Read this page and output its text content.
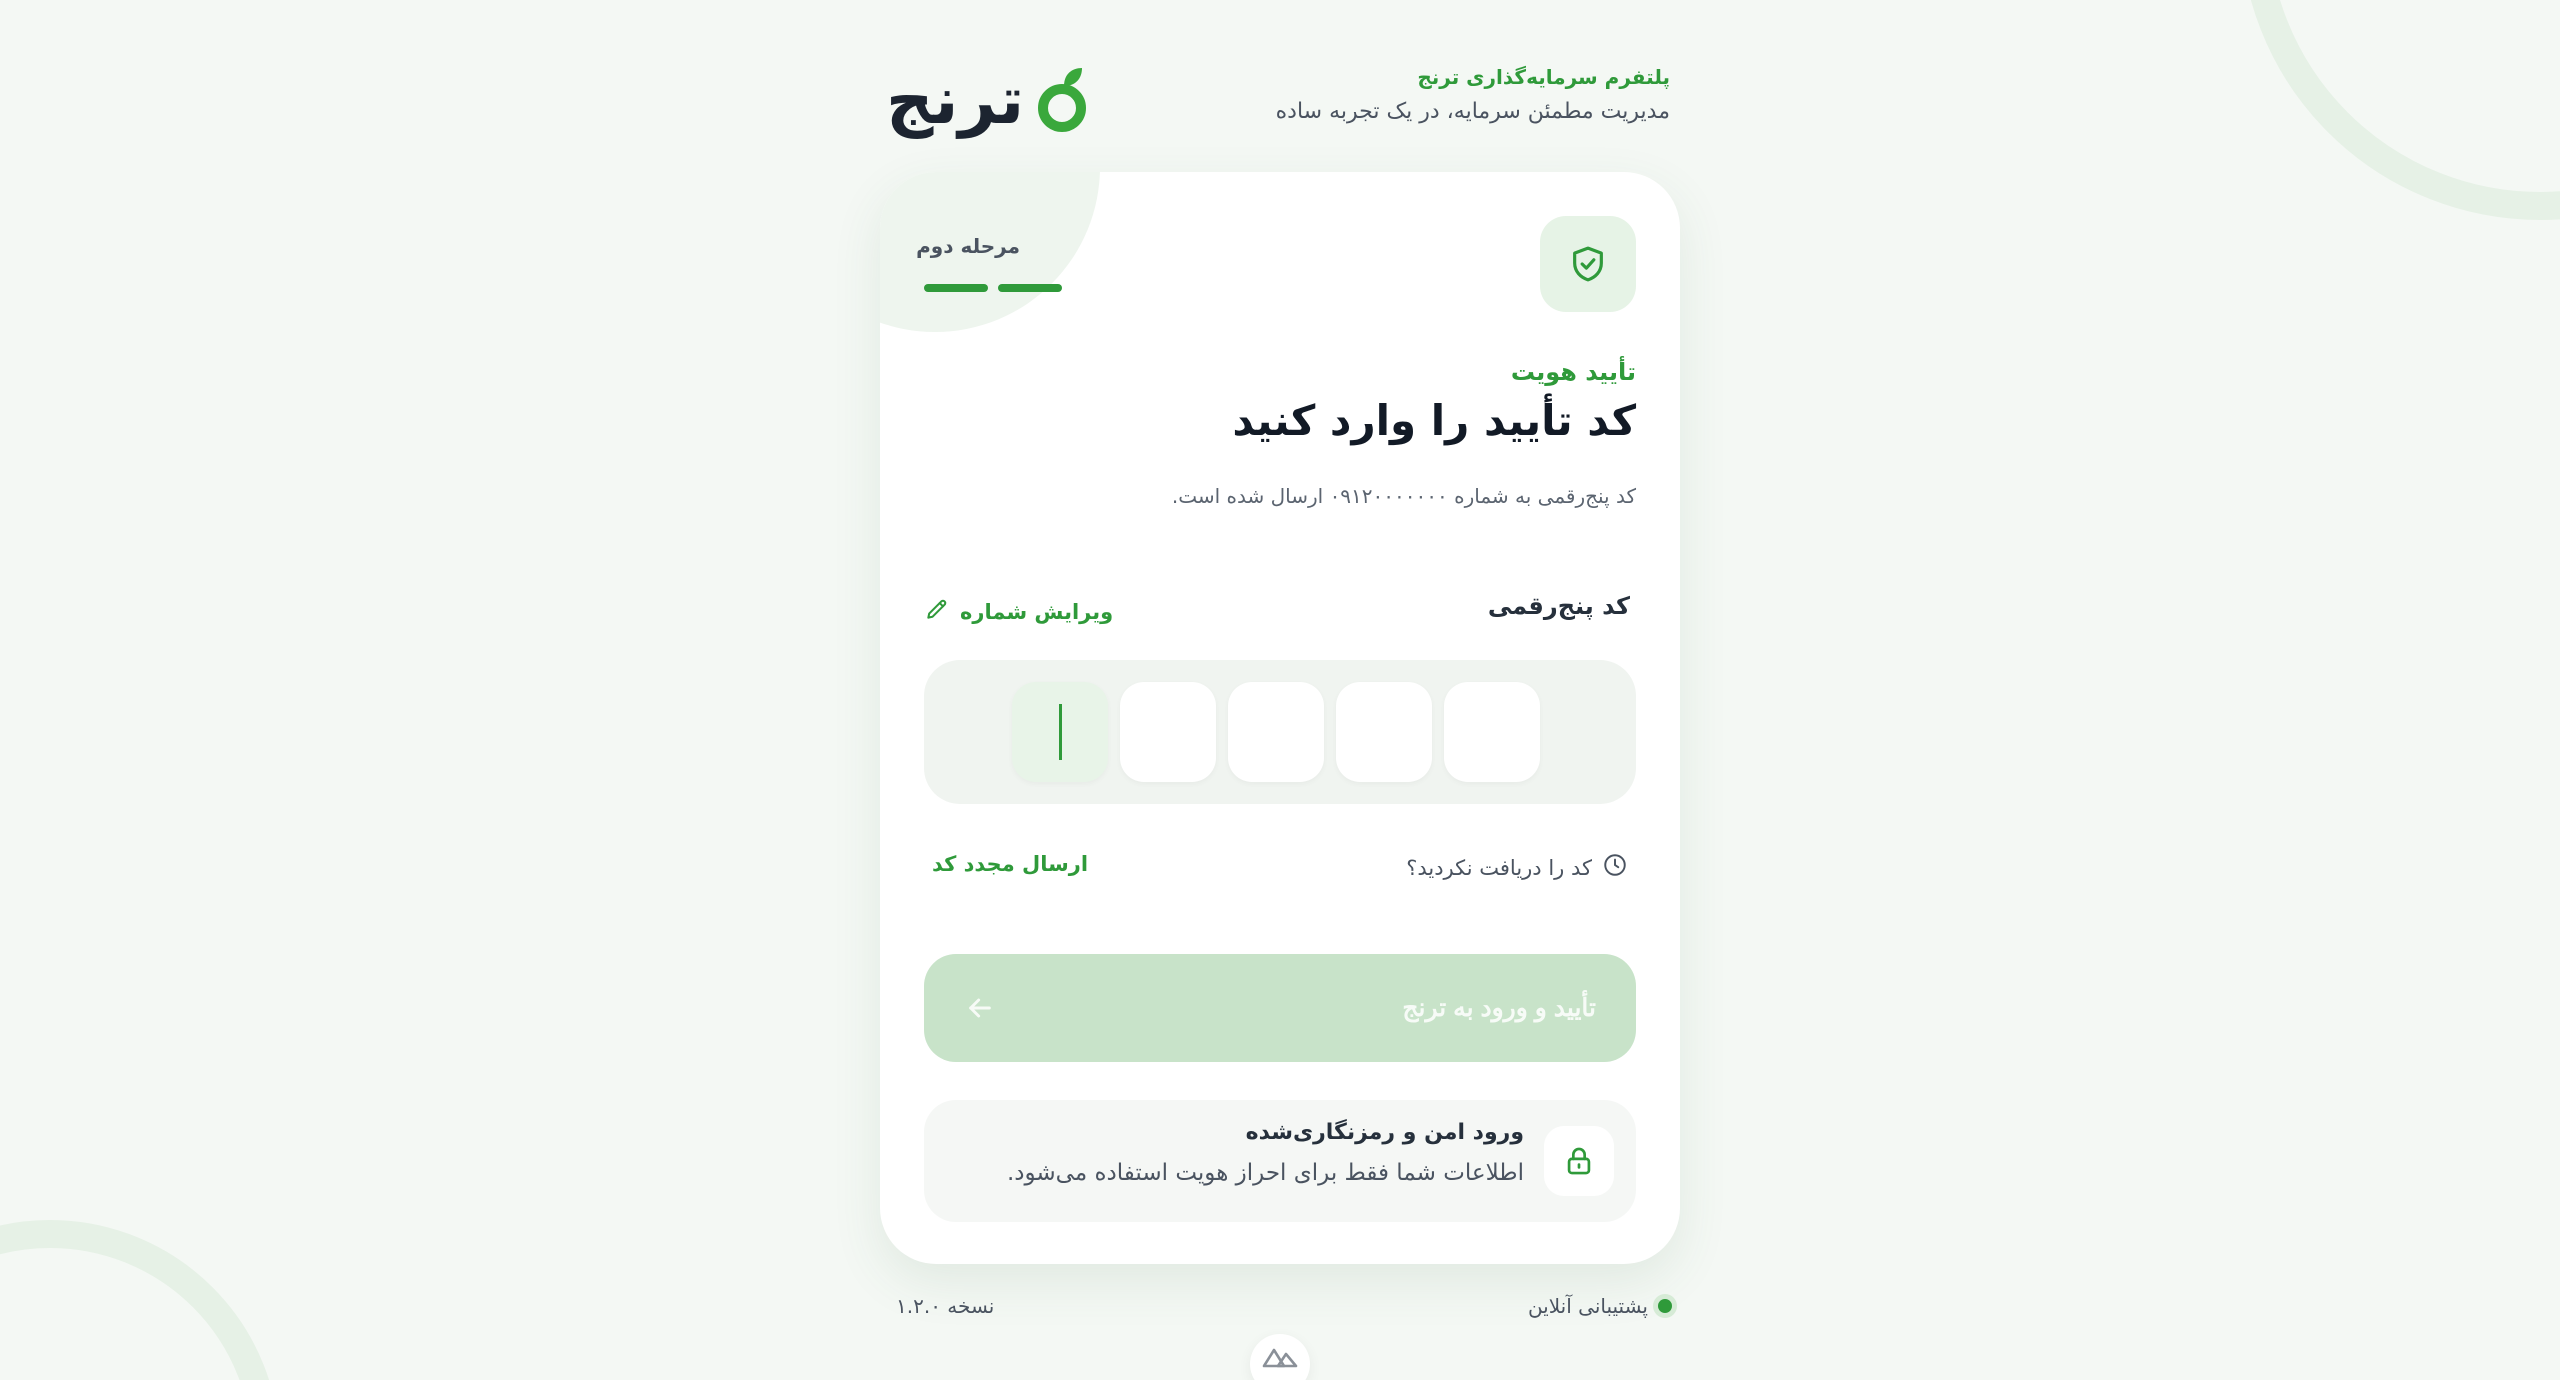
پلتفرم سرمایه‌گذاری ترنج
مدیریت مطمئن سرمایه، در یک تجربه ساده
ترنج
مرحله دوم
تأیید هویت
کد تأیید را وارد کنید
کد پنج‌رقمی به شماره ۰۹۱۲۰۰۰۰۰۰۰ ارسال شده است.
کد پنج‌رقمی
ویرایش شماره
کد را دریافت نکردید؟
ارسال مجدد کد
تأیید و ورود به ترنج
ورود امن و رمزنگاری‌شده
اطلاعات شما فقط برای احراز هویت استفاده می‌شود.
پشتیبانی آنلاین
نسخه ۱.۲.۰
